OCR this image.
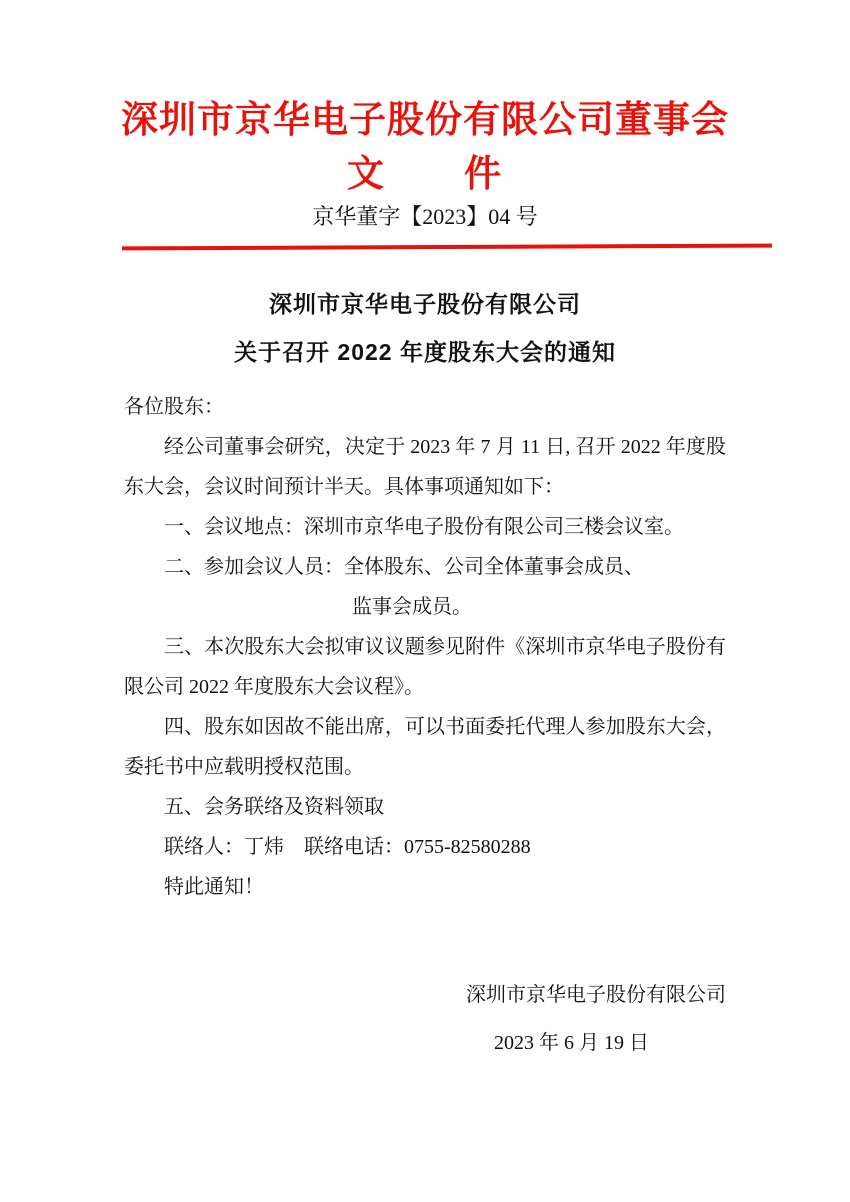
深圳市京华电子股份有限公司董事会
文　　件
京华董字【2023】04 号
深圳市京华电子股份有限公司
关于召开 2022 年度股东大会的通知
各位股东：
经公司董事会研究，决定于 2023 年 7 月 11 日, 召开 2022 年度股
东大会，会议时间预计半天。具体事项通知如下：
一、会议地点：深圳市京华电子股份有限公司三楼会议室。
二、参加会议人员：全体股东、公司全体董事会成员、
监事会成员。
三、本次股东大会拟审议议题参见附件《深圳市京华电子股份有
限公司 2022 年度股东大会议程》。
四、股东如因故不能出席，可以书面委托代理人参加股东大会，
委托书中应载明授权范围。
五、会务联络及资料领取
联络人：丁炜　联络电话：0755-82580288
特此通知！
深圳市京华电子股份有限公司
2023 年 6 月 19 日
